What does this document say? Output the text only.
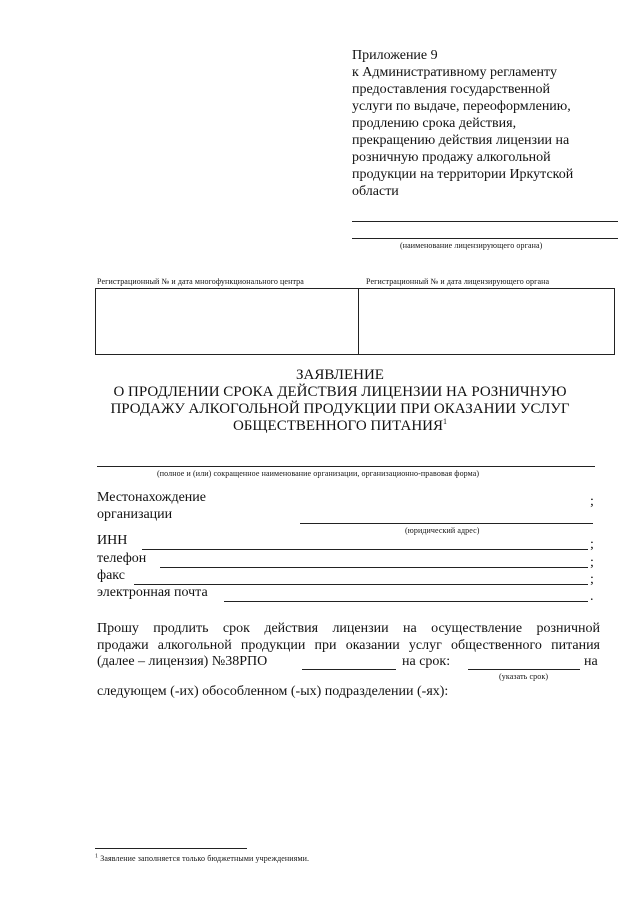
Приложение 9
к Административному регламенту
предоставления государственной
услуги по выдаче, переоформлению,
продлению срока действия,
прекращению действия лицензии на
розничную продажу алкогольной
продукции на территории Иркутской
области
(наименование лицензирующего органа)
Регистрационный № и дата многофункционального центра	Регистрационный № и дата лицензирующего органа
ЗАЯВЛЕНИЕ
О ПРОДЛЕНИИ СРОКА ДЕЙСТВИЯ ЛИЦЕНЗИИ НА РОЗНИЧНУЮ
ПРОДАЖУ АЛКОГОЛЬНОЙ ПРОДУКЦИИ ПРИ ОКАЗАНИИ УСЛУГ
ОБЩЕСТВЕННОГО ПИТАНИЯ$^1$
(полное и (или) сокращенное наименование организации, организационно-правовая форма)
Местонахождение
организации
;
(юридический адрес)
ИНН	;
телефон	;
факс	;
электронная почта	.
Прошу продлить срок действия лицензии на осуществление розничной
продажи алкогольной продукции при оказании услуг общественного питания
(далее – лицензия) №38РПО	на срок:	на
(указать срок)
следующем (-их) обособленном (-ых) подразделении (-ях):
$^1$ Заявление заполняется только бюджетными учреждениями.
